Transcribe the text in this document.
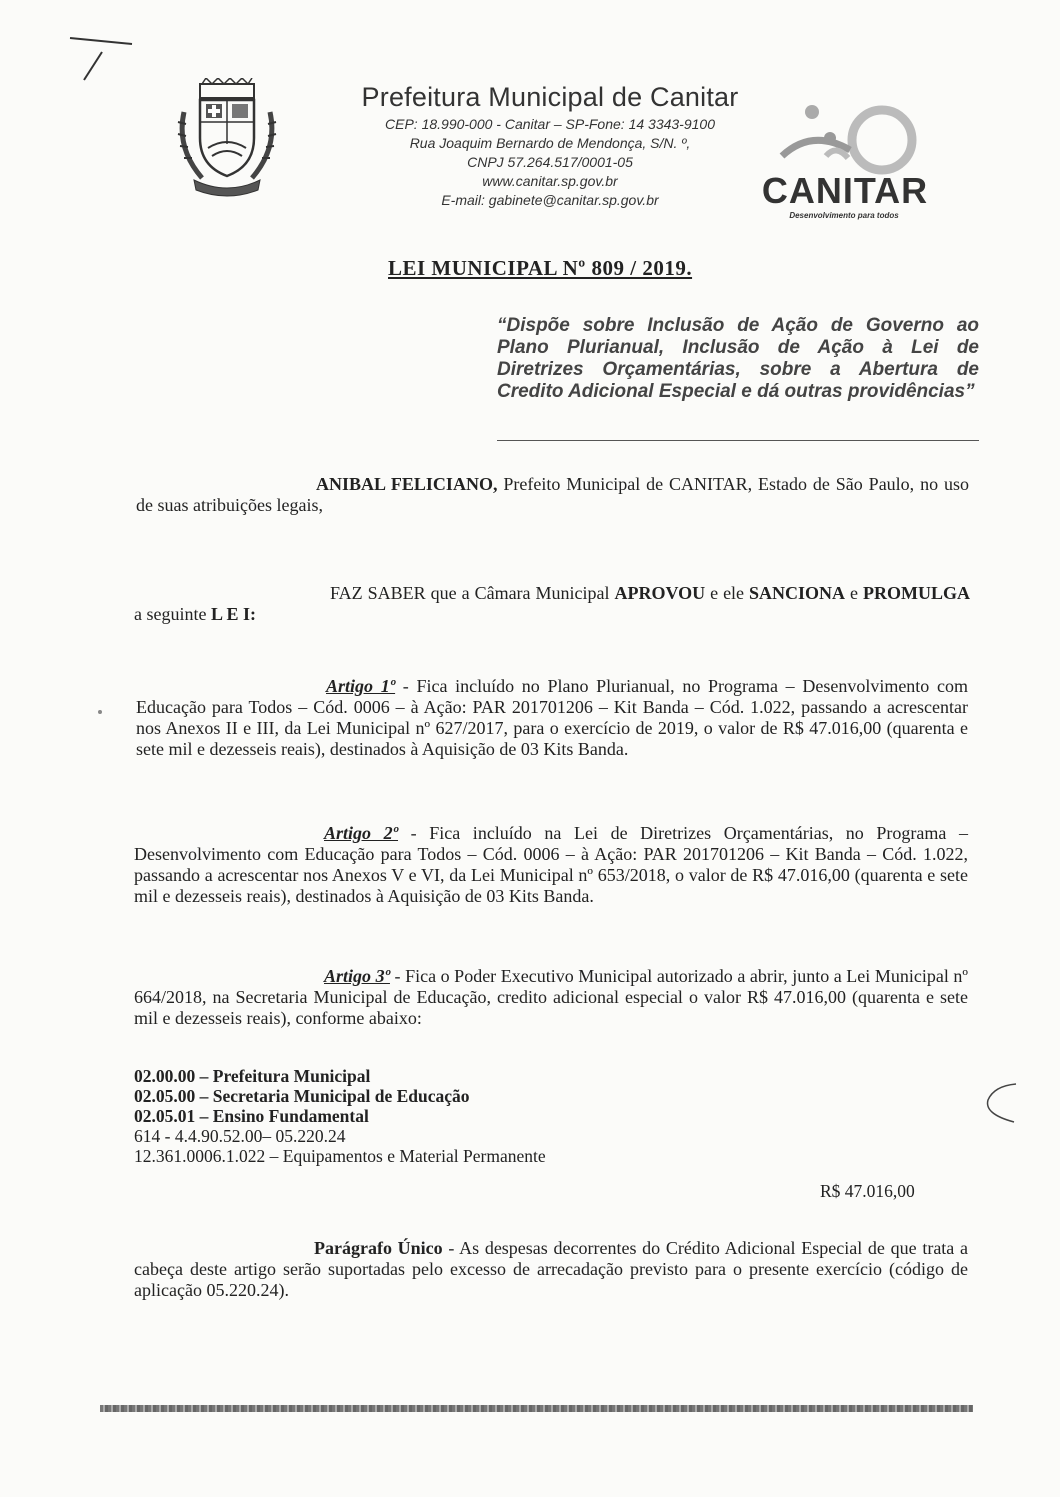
Prefeitura Municipal de Canitar

CEP: 18.990-000 - Canitar – SP-Fone: 14 3343-9100

Rua Joaquim Bernardo de Mendonça, S/N. º,

CNPJ 57.264.517/0001-05

www.canitar.sp.gov.br

E-mail: gabinete@canitar.sp.gov.br	CANITAR
Desenvolvimento para todos
LEI MUNICIPAL Nº 809 / 2019.

“Dispõe sobre Inclusão de Ação de Governo ao Plano Plurianual, Inclusão de Ação à Lei de Diretrizes Orçamentárias, sobre a Abertura de Credito Adicional Especial e dá outras providências”

ANIBAL FELICIANO, Prefeito Municipal de CANITAR, Estado de São Paulo, no uso de suas atribuições legais,

FAZ SABER que a Câmara Municipal APROVOU e ele SANCIONA e PROMULGA a seguinte L E I:

Artigo 1º - Fica incluído no Plano Plurianual, no Programa – Desenvolvimento com Educação para Todos – Cód. 0006 – à Ação: PAR 201701206 – Kit Banda – Cód. 1.022, passando a acrescentar nos Anexos II e III, da Lei Municipal nº 627/2017, para o exercício de 2019, o valor de R$ 47.016,00 (quarenta e sete mil e dezesseis reais), destinados à Aquisição de 03 Kits Banda.

Artigo 2º - Fica incluído na Lei de Diretrizes Orçamentárias, no Programa – Desenvolvimento com Educação para Todos – Cód. 0006 – à Ação: PAR 201701206 – Kit Banda – Cód. 1.022, passando a acrescentar nos Anexos V e VI, da Lei Municipal nº 653/2018, o valor de R$ 47.016,00 (quarenta e sete mil e dezesseis reais), destinados à Aquisição de 03 Kits Banda.

Artigo 3º - Fica o Poder Executivo Municipal autorizado a abrir, junto a Lei Municipal nº 664/2018, na Secretaria Municipal de Educação, credito adicional especial o valor R$ 47.016,00 (quarenta e sete mil e dezesseis reais), conforme abaixo:

02.00.00 – Prefeitura Municipal
02.05.00 – Secretaria Municipal de Educação
02.05.01 – Ensino Fundamental
614 - 4.4.90.52.00– 05.220.24
12.361.0006.1.022 – Equipamentos e Material Permanente
R$ 47.016,00

Parágrafo Único - As despesas decorrentes do Crédito Adicional Especial de que trata a cabeça deste artigo serão suportadas pelo excesso de arrecadação previsto para o presente exercício (código de aplicação 05.220.24).
